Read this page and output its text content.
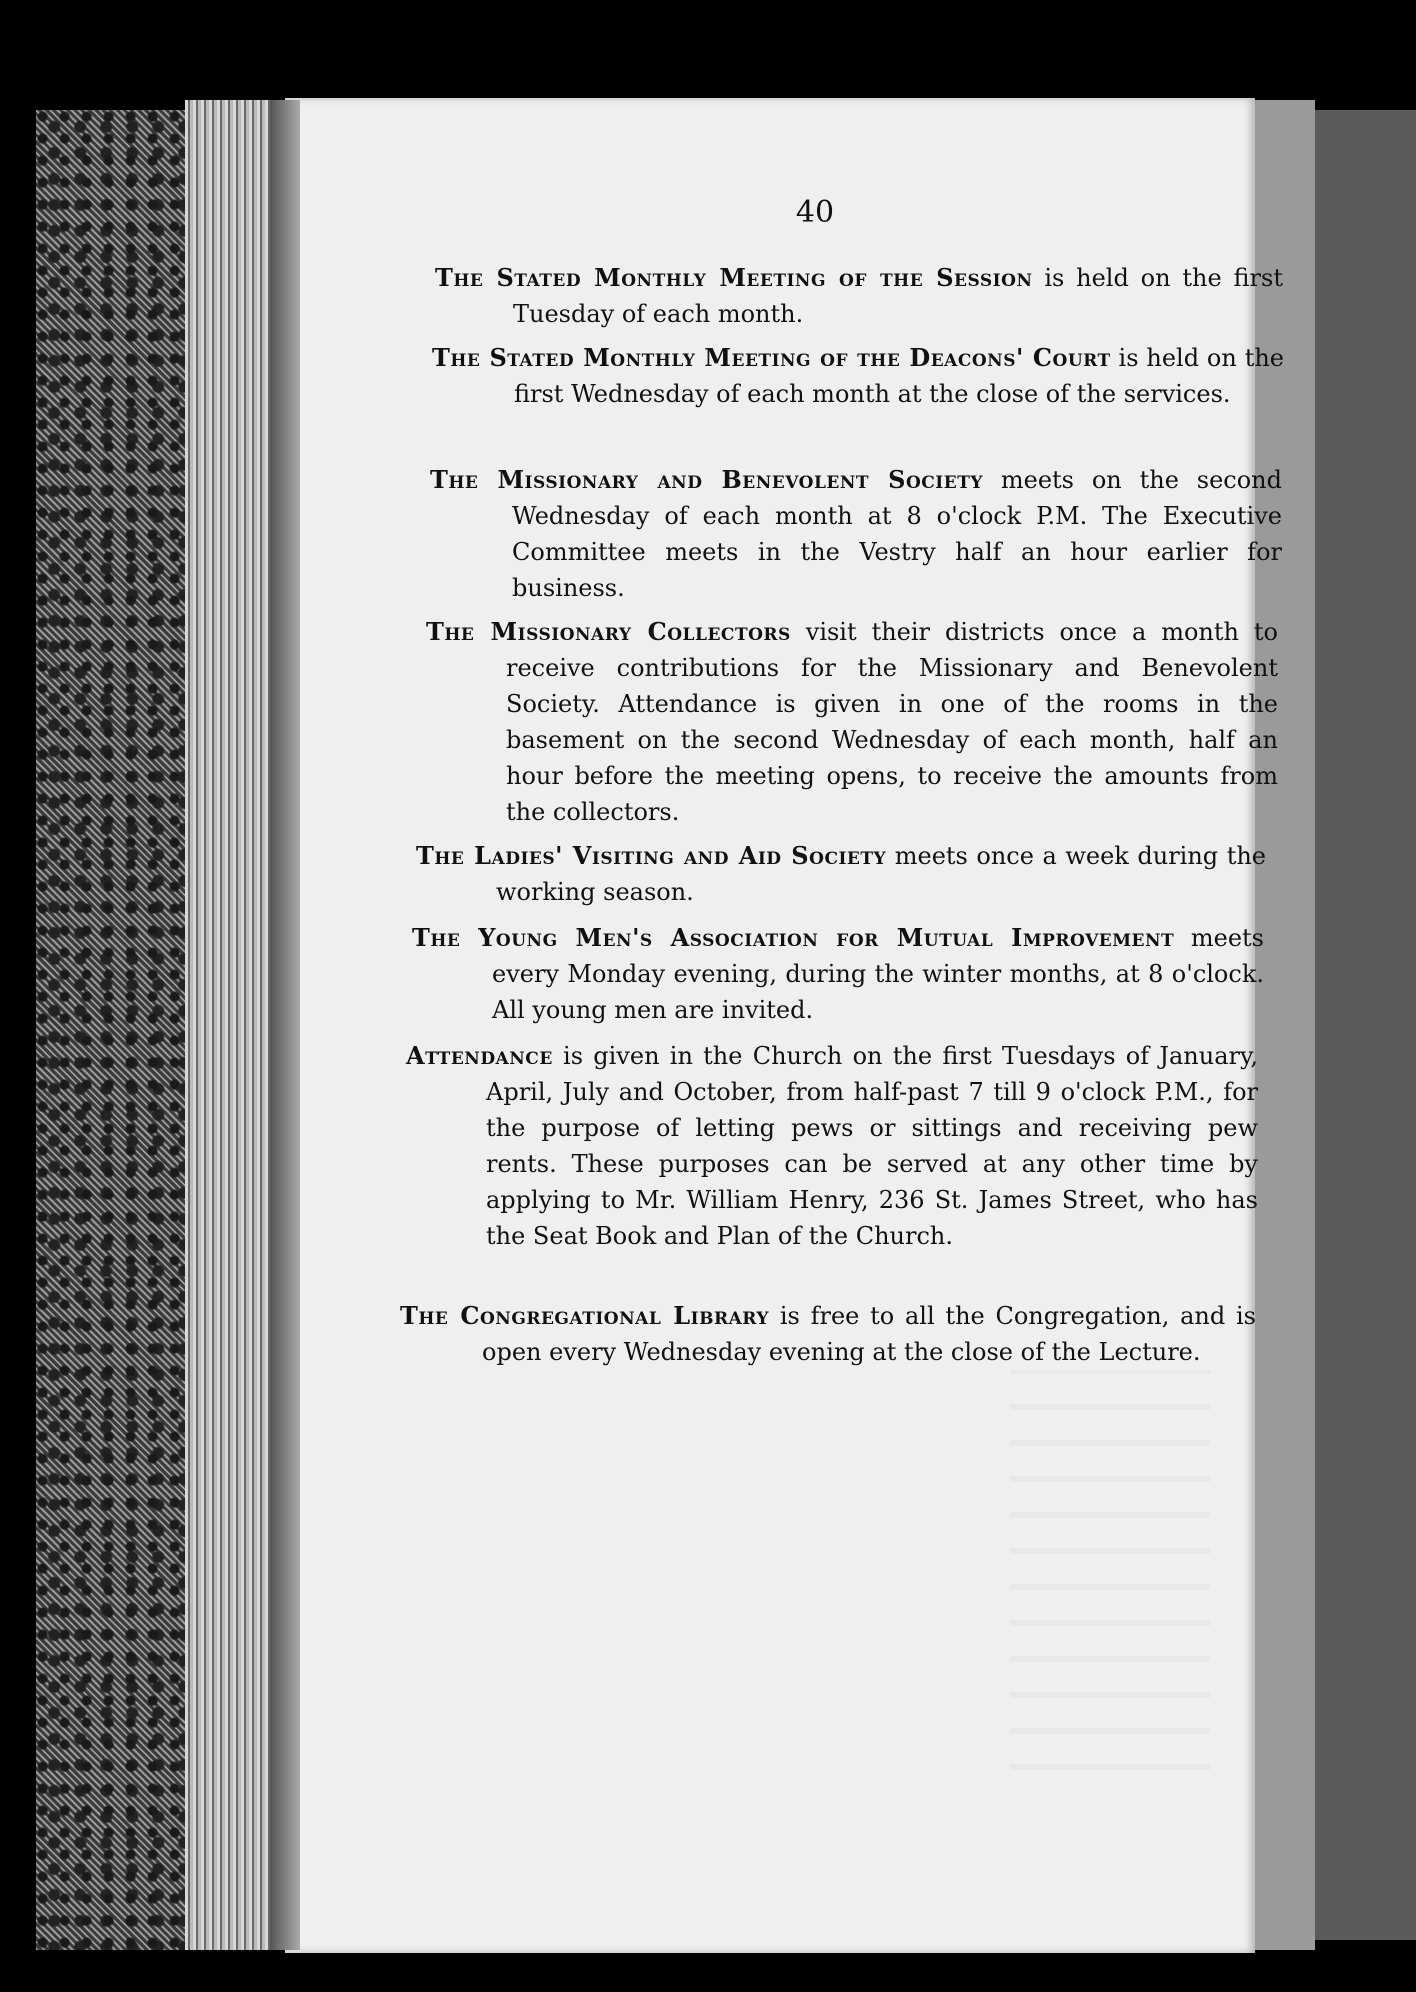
40

The Stated Monthly Meeting of the Session is held on the first Tuesday of each month.

The Stated Monthly Meeting of the Deacons' Court is held on the first Wednesday of each month at the close of the services.

The Missionary and Benevolent Society meets on the second Wednesday of each month at 8 o'clock P.M. The Executive Committee meets in the Vestry half an hour earlier for business.

The Missionary Collectors visit their districts once a month to receive contributions for the Missionary and Benevolent Society. Attendance is given in one of the rooms in the basement on the second Wednesday of each month, half an hour before the meeting opens, to receive the amounts from the collectors.

The Ladies' Visiting and Aid Society meets once a week during the working season.

The Young Men's Association for Mutual Improvement meets every Monday evening, during the winter months, at 8 o'clock. All young men are invited.

Attendance is given in the Church on the first Tuesdays of January, April, July and October, from half-past 7 till 9 o'clock P.M., for the purpose of letting pews or sittings and receiving pew rents. These purposes can be served at any other time by applying to Mr. William Henry, 236 St. James Street, who has the Seat Book and Plan of the Church.

The Congregational Library is free to all the Congregation, and is open every Wednesday evening at the close of the Lecture.
